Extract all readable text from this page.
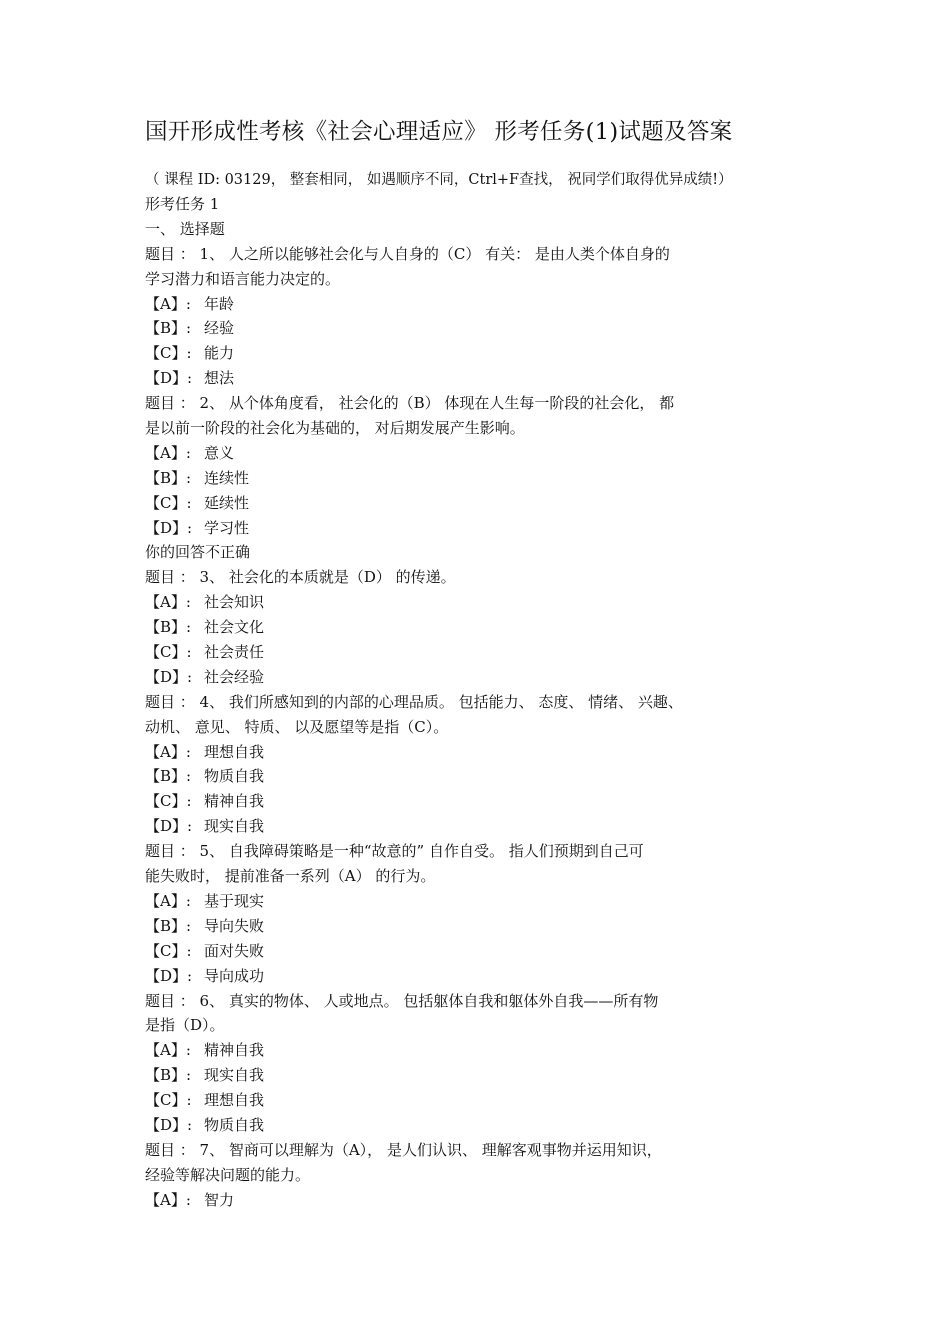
国开形成性考核《社会心理适应》 形考任务(1)试题及答案
（ 课程 ID: 03129， 整套相同， 如遇顺序不同，Ctrl+F查找， 祝同学们取得优异成绩!）
形考任务 1
一、 选择题
题目 ： 1、 人之所以能够社会化与人自身的（C） 有关： 是由人类个体自身的
学习潜力和语言能力决定的。
【A】: 年龄
【B】: 经验
【C】: 能力
【D】: 想法
题目 ： 2、 从个体角度看， 社会化的（B） 体现在人生每一阶段的社会化， 都
是以前一阶段的社会化为基础的， 对后期发展产生影响。
【A】: 意义
【B】: 连续性
【C】: 延续性
【D】: 学习性
你的回答不正确
题目 ： 3、 社会化的本质就是（D） 的传递。
【A】: 社会知识
【B】: 社会文化
【C】: 社会责任
【D】: 社会经验
题目 ： 4、 我们所感知到的内部的心理品质。 包括能力、 态度、 情绪、 兴趣、
动机、 意见、 特质、 以及愿望等是指（C）。
【A】: 理想自我
【B】: 物质自我
【C】: 精神自我
【D】: 现实自我
题目 ： 5、 自我障碍策略是一种“故意的” 自作自受。 指人们预期到自己可
能失败时， 提前准备一系列（A） 的行为。
【A】: 基于现实
【B】: 导向失败
【C】: 面对失败
【D】: 导向成功
题目 ： 6、 真实的物体、 人或地点。 包括躯体自我和躯体外自我——所有物
是指（D）。
【A】: 精神自我
【B】: 现实自我
【C】: 理想自我
【D】: 物质自我
题目 ： 7、 智商可以理解为（A）， 是人们认识、 理解客观事物并运用知识，
经验等解决问题的能力。
【A】: 智力
